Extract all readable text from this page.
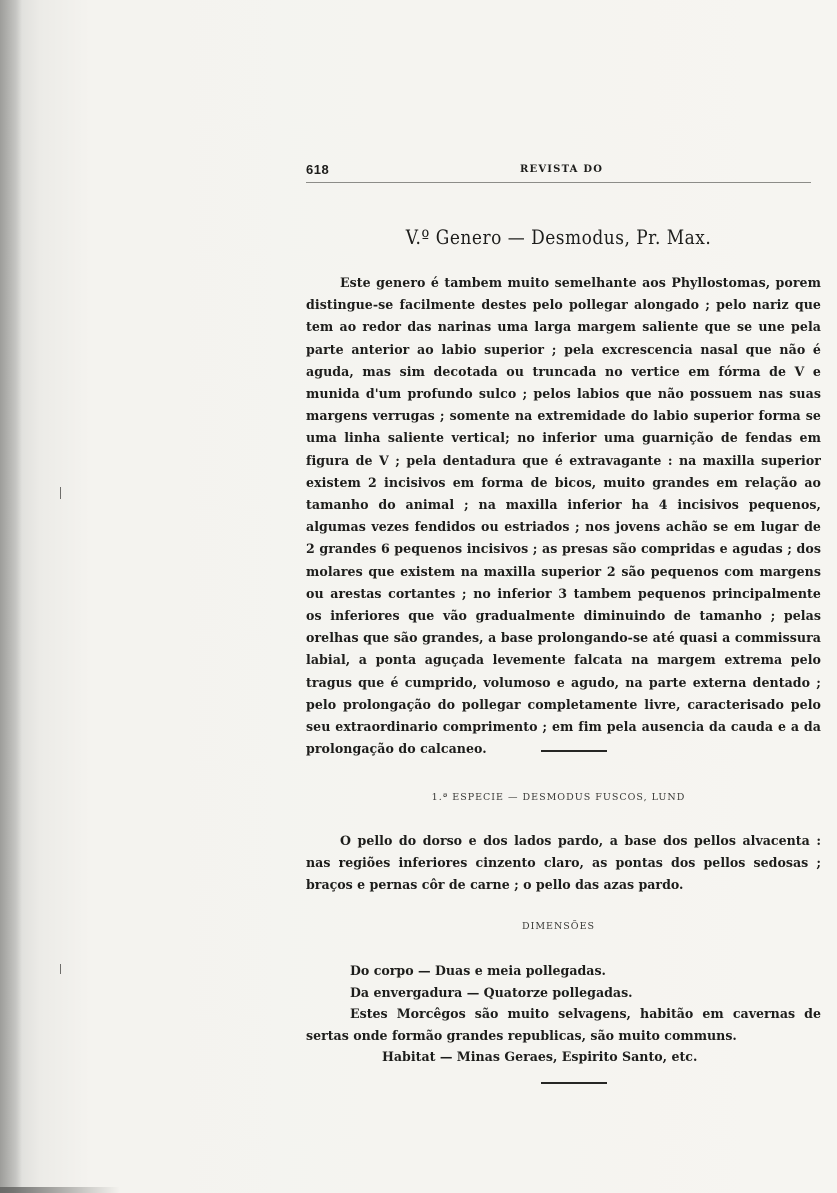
618	REVISTA DO
V.º Genero — Desmodus, Pr. Max.

Este genero é tambem muito semelhante aos Phyllostomas, porem distingue-se facilmente destes pelo pollegar alongado ; pelo nariz que tem ao redor das narinas uma larga margem saliente que se une pela parte anterior ao labio superior ; pela excrescencia nasal que não é aguda, mas sim decotada ou truncada no vertice em fórma de V e munida d'um profundo sulco ; pelos labios que não possuem nas suas margens verrugas ; somente na extremidade do labio superior forma se uma linha saliente vertical; no inferior uma guarnição de fendas em figura de V ; pela dentadura que é extravagante : na maxilla superior existem 2 incisivos em forma de bicos, muito grandes em relação ao tamanho do animal ; na maxilla inferior ha 4 incisivos pequenos, algumas vezes fendidos ou estriados ; nos jovens achão se em lugar de 2 grandes 6 pequenos incisivos ; as presas são compridas e agudas ; dos molares que existem na maxilla superior 2 são pequenos com margens ou arestas cortantes ; no inferior 3 tambem pequenos principalmente os inferiores que vão gradualmente diminuindo de tamanho ; pelas orelhas que são grandes, a base prolongando-se até quasi a commissura labial, a ponta aguçada levemente falcata na margem extrema pelo tragus que é cumprido, volumoso e agudo, na parte externa dentado ; pelo prolongação do pollegar completamente livre, caracterisado pelo seu extraordinario comprimento ; em fim pela ausencia da cauda e a da prolongação do calcaneo.

1.ª ESPECIE — DESMODUS FUSCOS, LUND

O pello do dorso e dos lados pardo, a base dos pellos alvacenta : nas regiões inferiores cinzento claro, as pontas dos pellos sedosas ; braços e pernas côr de carne ; o pello das azas pardo.

DIMENSÕES
Do corpo — Duas e meia pollegadas.
Da envergadura — Quatorze pollegadas.

Estes Morcêgos são muito selvagens, habitão em cavernas de sertas onde formão grandes republicas, são muito communs.

Habitat — Minas Geraes, Espirito Santo, etc.
